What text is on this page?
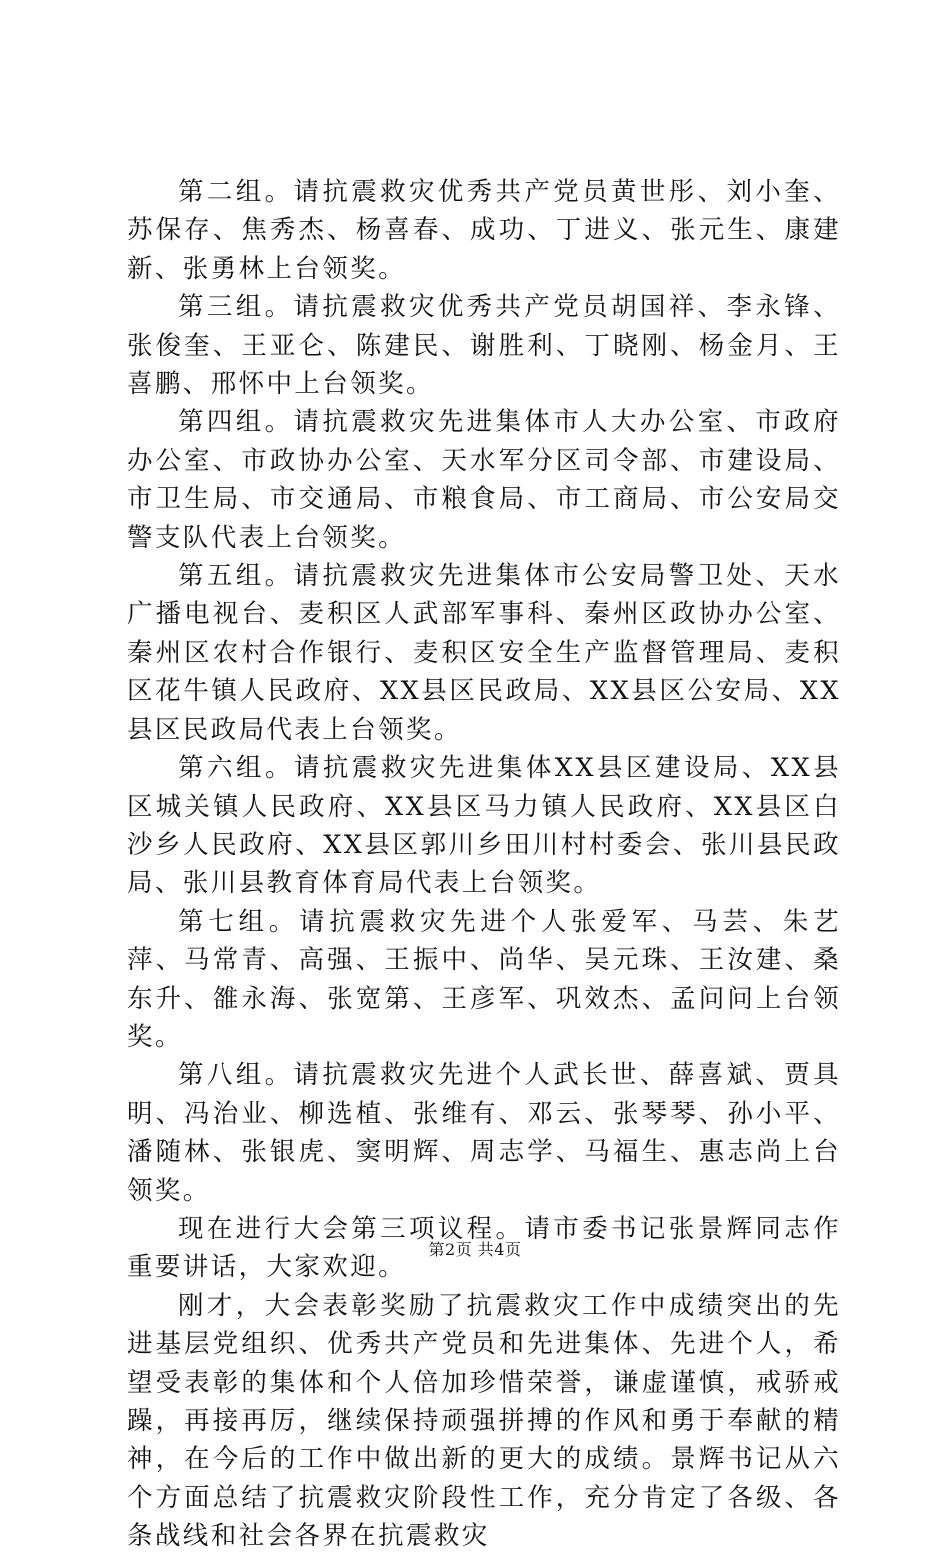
第二组。请抗震救灾优秀共产党员黄世彤、刘小奎、苏保存、焦秀杰、杨喜春、成功、丁进义、张元生、康建新、张勇林上台领奖。

第三组。请抗震救灾优秀共产党员胡国祥、李永锋、张俊奎、王亚仑、陈建民、谢胜利、丁晓刚、杨金月、王喜鹏、邢怀中上台领奖。

第四组。请抗震救灾先进集体市人大办公室、市政府办公室、市政协办公室、天水军分区司令部、市建设局、市卫生局、市交通局、市粮食局、市工商局、市公安局交警支队代表上台领奖。

第五组。请抗震救灾先进集体市公安局警卫处、天水广播电视台、麦积区人武部军事科、秦州区政协办公室、秦州区农村合作银行、麦积区安全生产监督管理局、麦积区花牛镇人民政府、XX县区民政局、XX县区公安局、XX县区民政局代表上台领奖。

第六组。请抗震救灾先进集体XX县区建设局、XX县区城关镇人民政府、XX县区马力镇人民政府、XX县区白沙乡人民政府、XX县区郭川乡田川村村委会、张川县民政局、张川县教育体育局代表上台领奖。

第七组。请抗震救灾先进个人张爱军、马芸、朱艺萍、马常青、高强、王振中、尚华、吴元珠、王汝建、桑东升、雒永海、张宽第、王彦军、巩效杰、孟问问上台领奖。

第八组。请抗震救灾先进个人武长世、薛喜斌、贾具明、冯治业、柳选植、张维有、邓云、张琴琴、孙小平、潘随林、张银虎、窦明辉、周志学、马福生、惠志尚上台领奖。

现在进行大会第三项议程。请市委书记张景辉同志作重要讲话，大家欢迎。

刚才，大会表彰奖励了抗震救灾工作中成绩突出的先进基层党组织、优秀共产党员和先进集体、先进个人，希望受表彰的集体和个人倍加珍惜荣誉，谦虚谨慎，戒骄戒躁，再接再厉，继续保持顽强拼搏的作风和勇于奉献的精神，在今后的工作中做出新的更大的成绩。景辉书记从六个方面总结了抗震救灾阶段性工作，充分肯定了各级、各条战线和社会各界在抗震救灾

第2页 共4页
